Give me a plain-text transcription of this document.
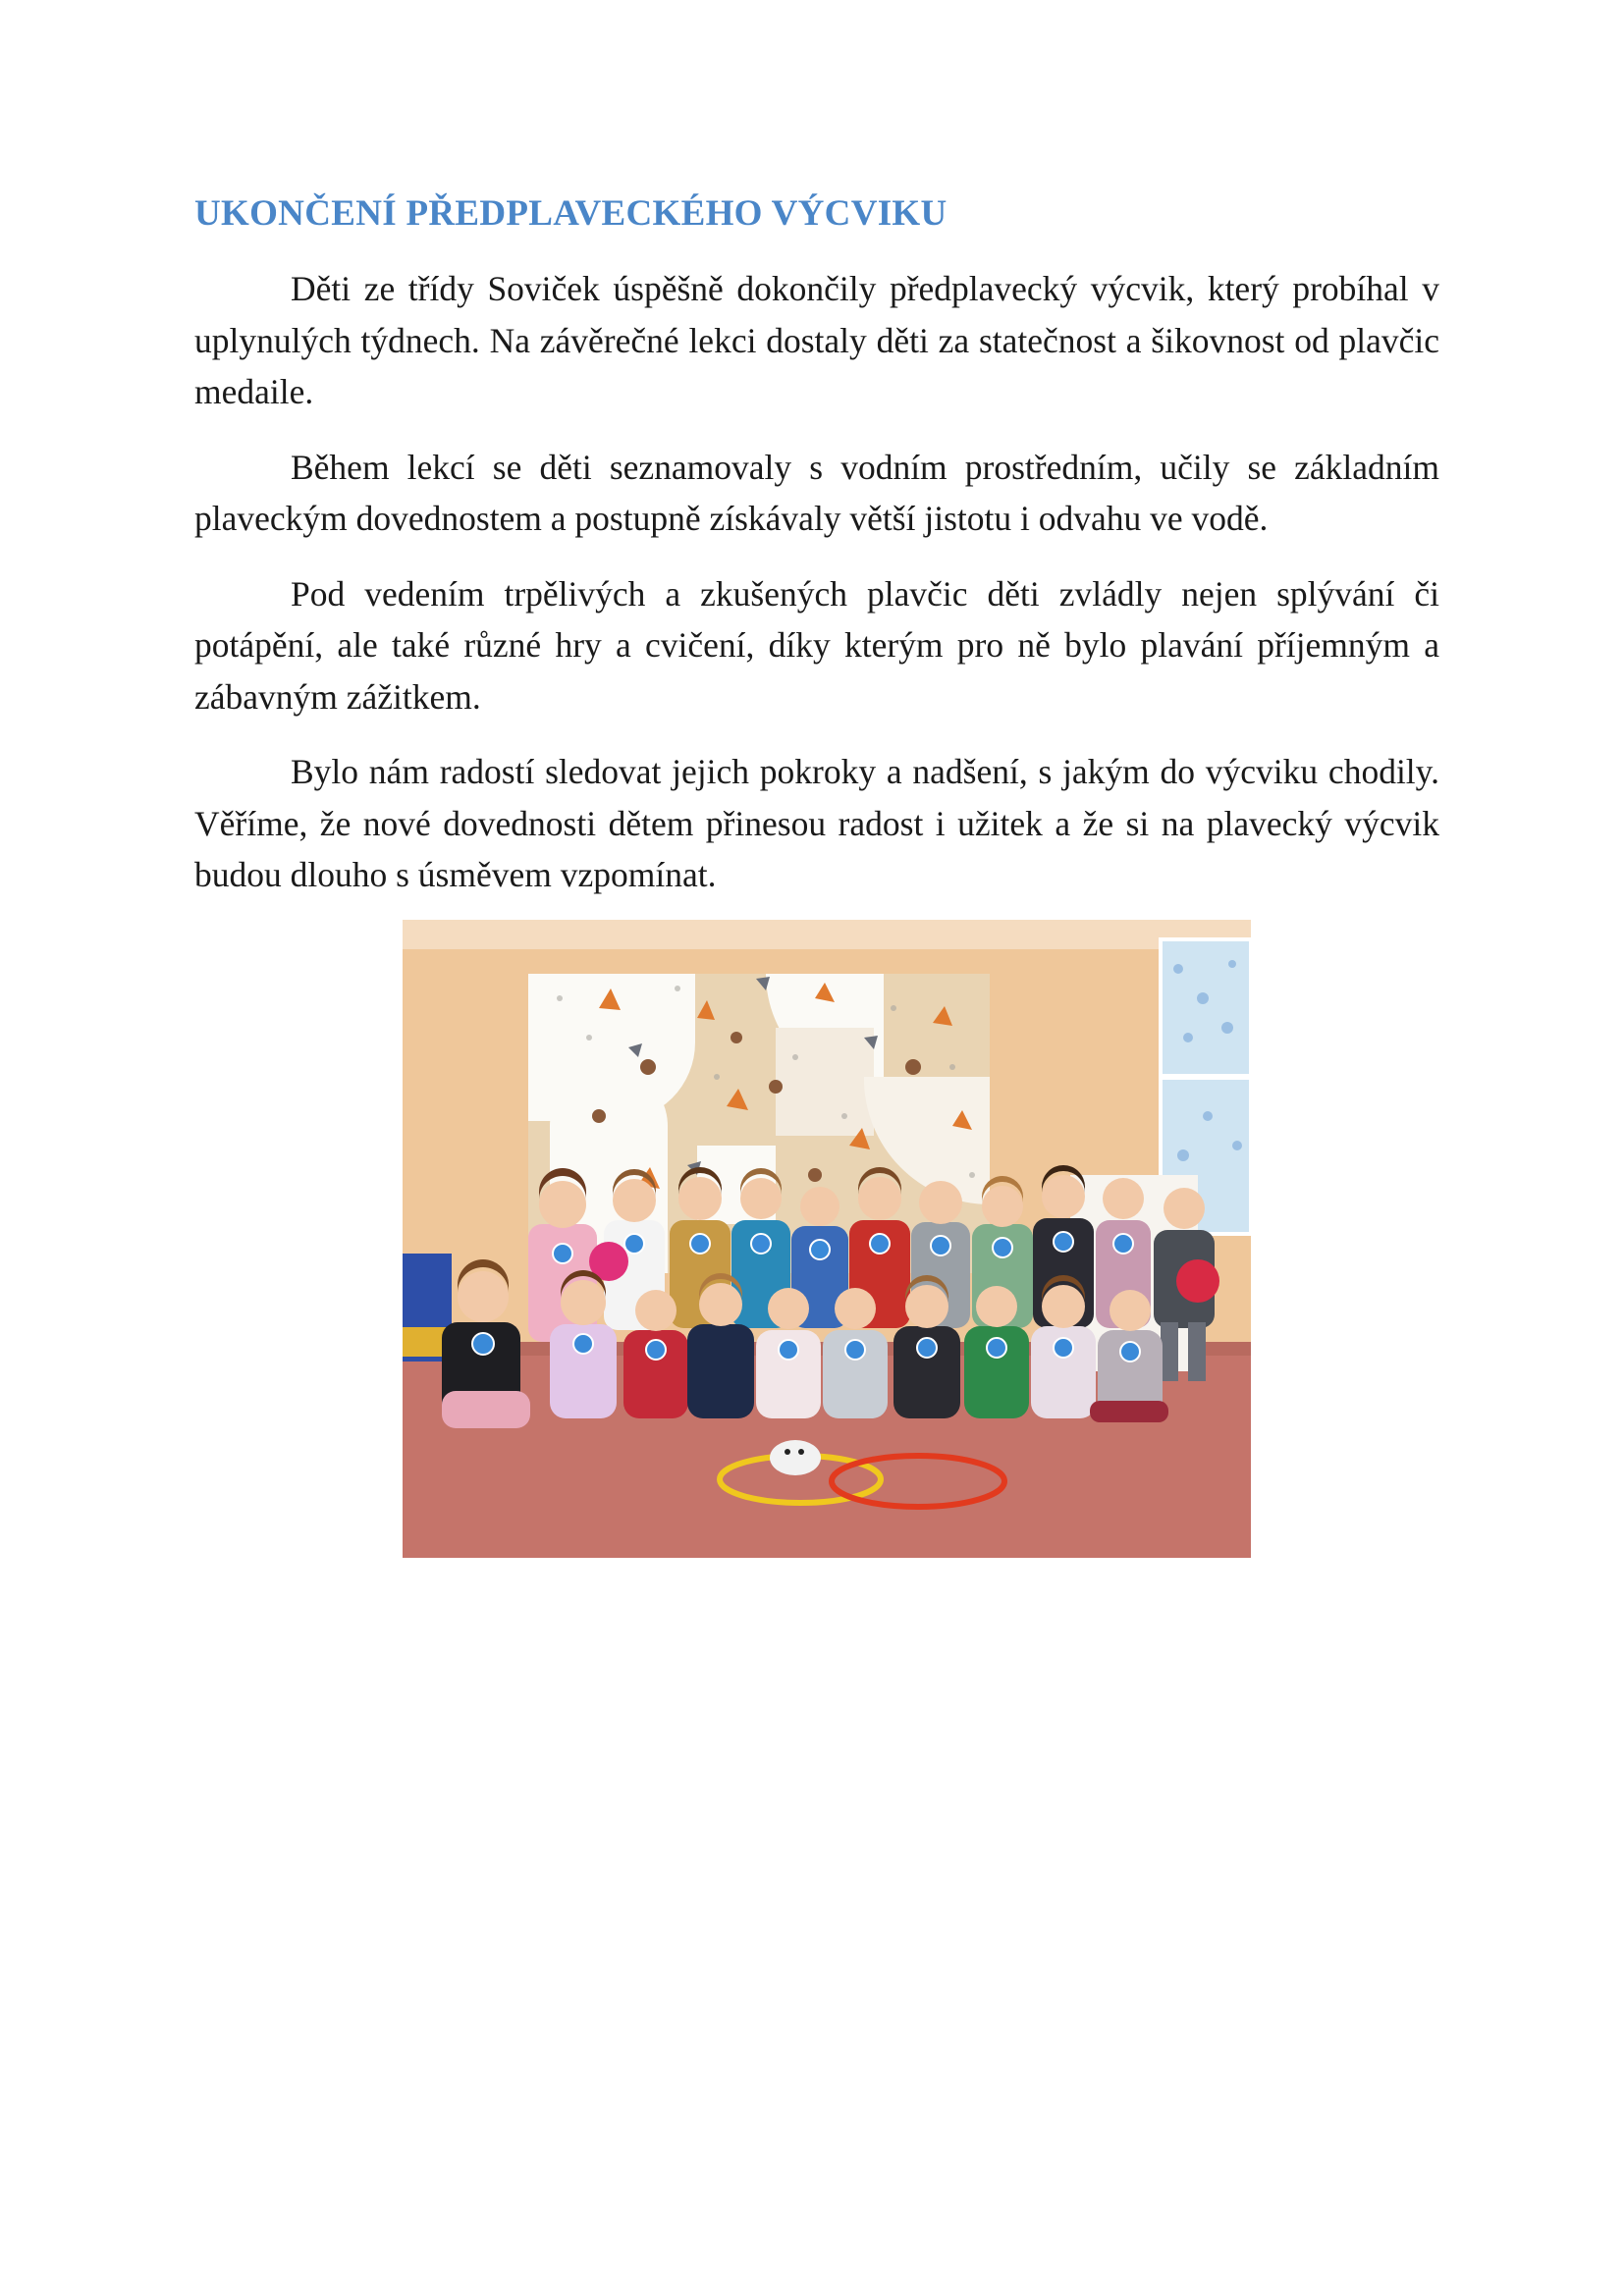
UKONČENÍ PŘEDPLAVECKÉHO VÝCVIKU

Děti ze třídy Soviček úspěšně dokončily předplavecký výcvik, který probíhal v uplynulých týdnech. Na závěrečné lekci dostaly děti za statečnost a šikovnost od plavčic medaile.

Během lekcí se děti seznamovaly s vodním prostředním, učily se základním plaveckým dovednostem a postupně získávaly větší jistotu i odvahu ve vodě.

Pod vedením trpělivých a zkušených plavčic děti zvládly nejen splývání či potápění, ale také různé hry a cvičení, díky kterým pro ně bylo plavání příjemným a zábavným zážitkem.

Bylo nám radostí sledovat jejich pokroky a nadšení, s jakým do výcviku chodily. Věříme, že nové dovednosti dětem přinesou radost i užitek a že si na plavecký výcvik budou dlouho s úsměvem vzpomínat.
